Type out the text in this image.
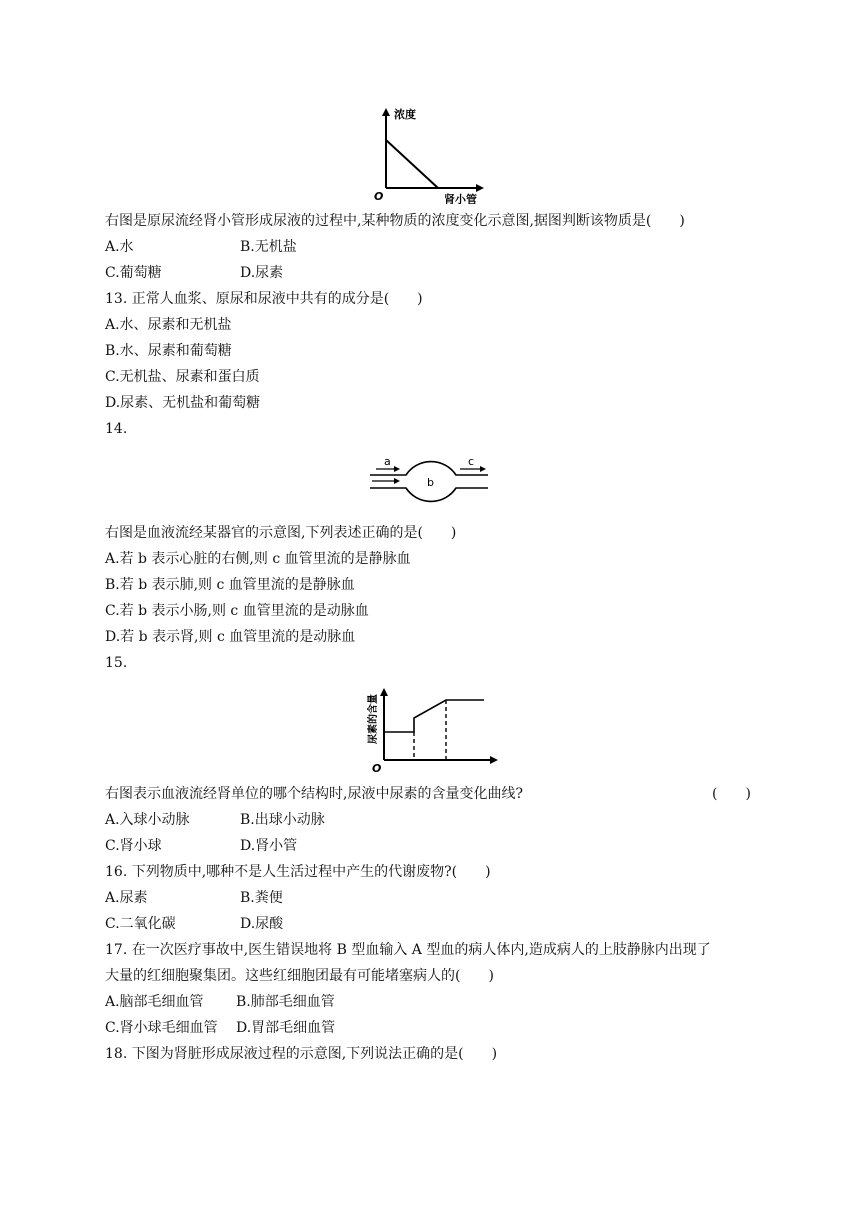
浓度
O	肾小管
右图是原尿流经肾小管形成尿液的过程中,某种物质的浓度变化示意图,据图判断该物质是(　　)
A.水	B.无机盐
C.葡萄糖	D.尿素
13. 正常人血浆、原尿和尿液中共有的成分是(　　)
A.水、尿素和无机盐
B.水、尿素和葡萄糖
C.无机盐、尿素和蛋白质
D.尿素、无机盐和葡萄糖
14.
a
b
c
右图是血液流经某器官的示意图,下列表述正确的是(　　)
A.若 b 表示心脏的右侧,则 c 血管里流的是静脉血
B.若 b 表示肺,则 c 血管里流的是静脉血
C.若 b 表示小肠,则 c 血管里流的是动脉血
D.若 b 表示肾,则 c 血管里流的是动脉血
15.
尿素的含量
O
右图表示血液流经肾单位的哪个结构时,尿液中尿素的含量变化曲线?	(　　)
A.入球小动脉	B.出球小动脉
C.肾小球	D.肾小管
16. 下列物质中,哪种不是人生活过程中产生的代谢废物?(　　)
A.尿素	B.粪便
C.二氧化碳	D.尿酸
17. 在一次医疗事故中,医生错误地将 B 型血输入 A 型血的病人体内,造成病人的上肢静脉内出现了
大量的红细胞聚集团。这些红细胞团最有可能堵塞病人的(　　)
A.脑部毛细血管 B.肺部毛细血管
C.肾小球毛细血管 D.胃部毛细血管
18. 下图为肾脏形成尿液过程的示意图,下列说法正确的是(　　)
